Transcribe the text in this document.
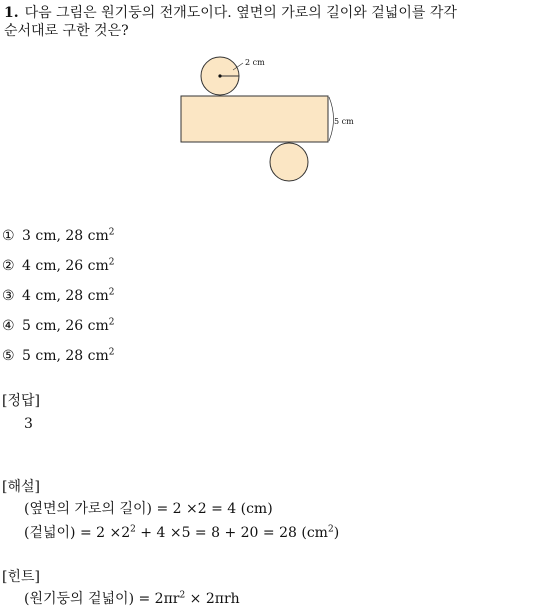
1. 다음 그림은 원기둥의 전개도이다. 옆면의 가로의 길이와 겉넓이를 각각
순서대로 구한 것은?
2 cm
5 cm
① 3 cm, 28 $cm^2$
② 4 cm, 26 $cm^2$
③ 4 cm, 28 $cm^2$
④ 5 cm, 26 $cm^2$
⑤ 5 cm, 28 $cm^2$
[정답]
3
[해설]
(옆면의 가로의 길이) = 2 ×2 = 4 (cm)
(겉넓이) = $2 \times 2^2 + 4 \times 5 = 8 + 20 = 28$ $(cm^2)$
[힌트]
(원기둥의 겉넓이) = $2\pi r^2 \times 2\pi rh$
